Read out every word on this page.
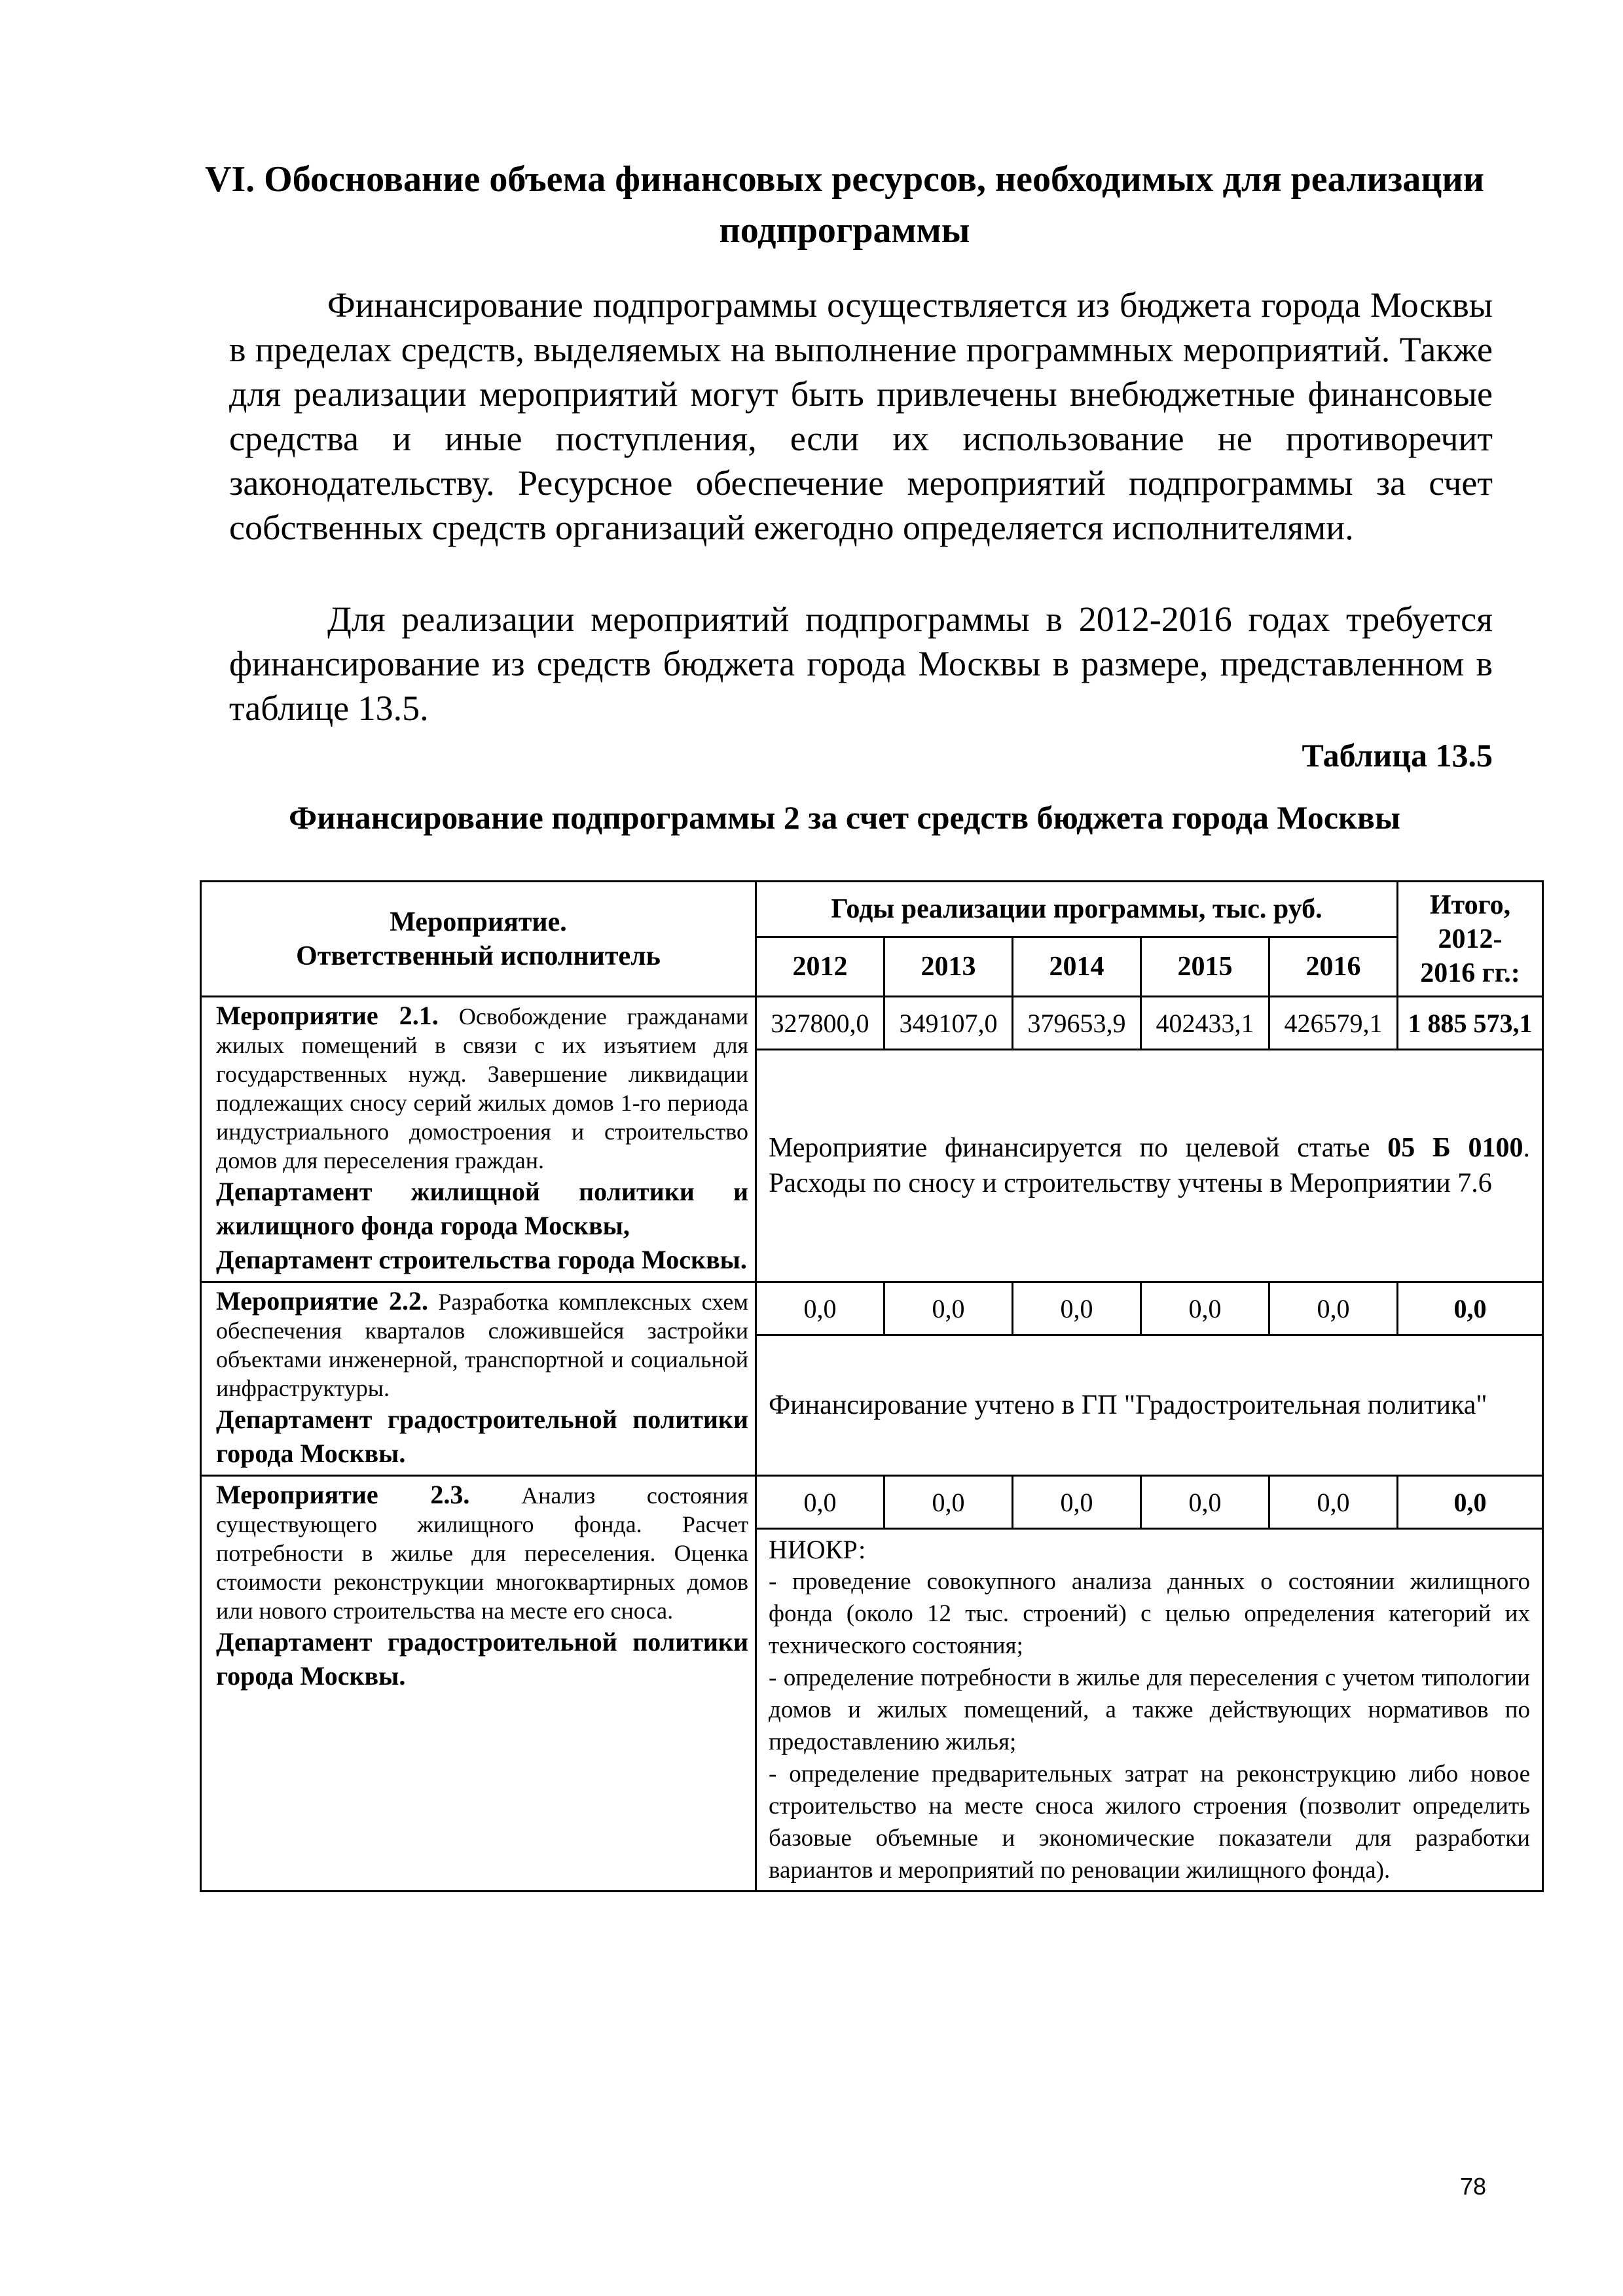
VI. Обоснование объема финансовых ресурсов, необходимых для реализации подпрограммы

Финансирование подпрограммы осуществляется из бюджета города Москвы в пределах средств, выделяемых на выполнение программных мероприятий. Также для реализации мероприятий могут быть привлечены внебюджетные финансовые средства и иные поступления, если их использование не противоречит законодательству. Ресурсное обеспечение мероприятий подпрограммы за счет собственных средств организаций ежегодно определяется исполнителями.

Для реализации мероприятий подпрограммы в 2012-2016 годах требуется финансирование из средств бюджета города Москвы в размере, представленном в таблице 13.5.

Таблица 13.5

Финансирование подпрограммы 2 за счет средств бюджета города Москвы

Мероприятие.
Ответственный исполнитель	Годы реализации программы, тыс. руб.					Итого,
2012-
2016 гг.:
	2012	2013	2014	2015	2016	
Мероприятие 2.1. Освобождение гражданами жилых помещений в связи с их изъятием для государственных нужд. Завершение ликвидации подлежащих сносу серий жилых домов 1-го периода индустриального домостроения и строительство домов для переселения граждан.
Департамент жилищной политики и жилищного фонда города Москвы,
Департамент строительства города Москвы.	327800,0	349107,0	379653,9	402433,1	426579,1	1 885 573,1
	Мероприятие финансируется по целевой статье 05 Б 0100. Расходы по сносу и строительству учтены в Мероприятии 7.6					
Мероприятие 2.2. Разработка комплексных схем обеспечения кварталов сложившейся застройки объектами инженерной, транспортной и социальной инфраструктуры.
Департамент градостроительной политики города Москвы.	0,0	0,0	0,0	0,0	0,0	0,0
	Финансирование учтено в ГП "Градостроительная политика"					
Мероприятие 2.3. Анализ состояния существующего жилищного фонда. Расчет потребности в жилье для переселения. Оценка стоимости реконструкции многоквартирных домов или нового строительства на месте его сноса.
Департамент градостроительной политики города Москвы.	0,0	0,0	0,0	0,0	0,0	0,0

	НИОКР:
- проведение совокупного анализа данных о состоянии жилищного фонда (около 12 тыс. строений) с целью определения категорий их технического состояния;
- определение потребности в жилье для переселения с учетом типологии домов и жилых помещений, а также действующих нормативов по предоставлению жилья;
- определение предварительных затрат на реконструкцию либо новое строительство на месте сноса жилого строения (позволит определить базовые объемные и экономические показатели для разработки вариантов и мероприятий по реновации жилищного фонда).					

78
